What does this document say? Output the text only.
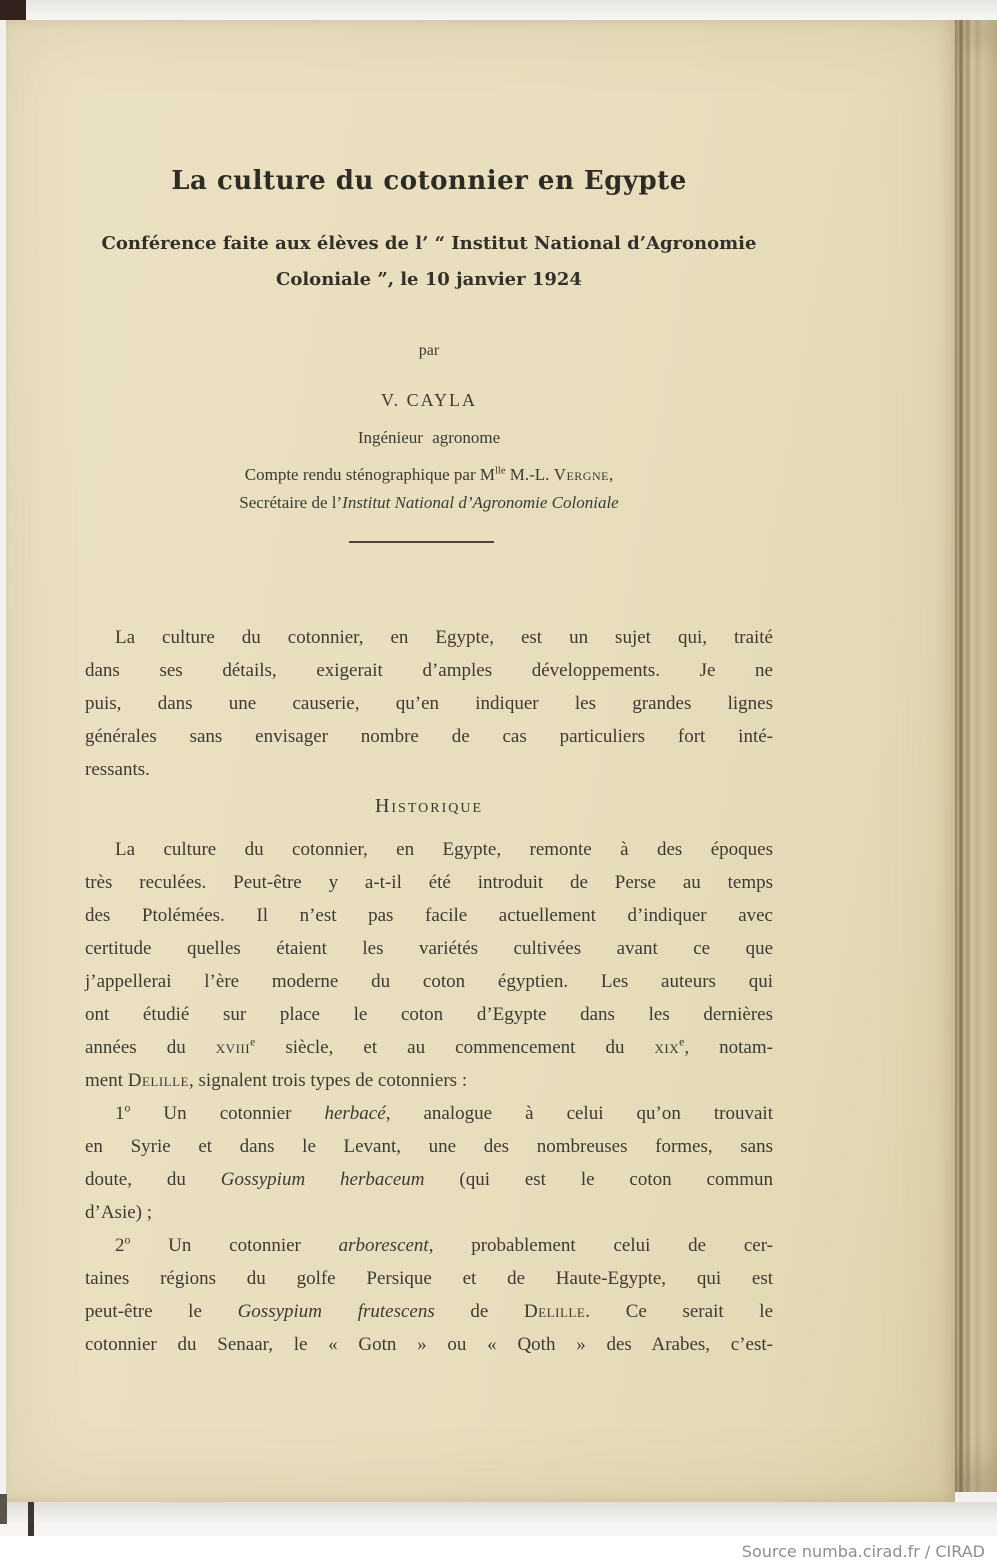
La culture du cotonnier en Egypte
Conférence faite aux élèves de l’ “ Institut National d’Agronomie
Coloniale ”, le 10 janvier 1924
par
V. CAYLA
Ingénieur agronome
Compte rendu sténographique par $M^{lle}$ M.-L. Vergne,
Secrétaire de l’Institut National d’Agronomie Coloniale
La culture du cotonnier, en Egypte, est un sujet qui, traité
dans ses détails, exigerait d’amples développements. Je ne
puis, dans une causerie, qu’en indiquer les grandes lignes
générales sans envisager nombre de cas particuliers fort inté-
ressants.
Historique
La culture du cotonnier, en Egypte, remonte à des époques
très reculées. Peut-être y a-t-il été introduit de Perse au temps
des Ptolémées. Il n’est pas facile actuellement d’indiquer avec
certitude quelles étaient les variétés cultivées avant ce que
j’appellerai l’ère moderne du coton égyptien. Les auteurs qui
ont étudié sur place le coton d’Egypte dans les dernières
années du xviii$^e$ siècle, et au commencement du xix$^e$, notam-
ment Delille, signalent trois types de cotonniers :
1$^o$ Un cotonnier herbacé, analogue à celui qu’on trouvait
en Syrie et dans le Levant, une des nombreuses formes, sans
doute, du Gossypium herbaceum (qui est le coton commun
d’Asie) ;
2$^o$ Un cotonnier arborescent, probablement celui de cer-
taines régions du golfe Persique et de Haute-Egypte, qui est
peut-être le Gossypium frutescens de Delille. Ce serait le
cotonnier du Senaar, le « Gotn » ou « Qoth » des Arabes, c’est-
Source numba.cirad.fr / CIRAD
